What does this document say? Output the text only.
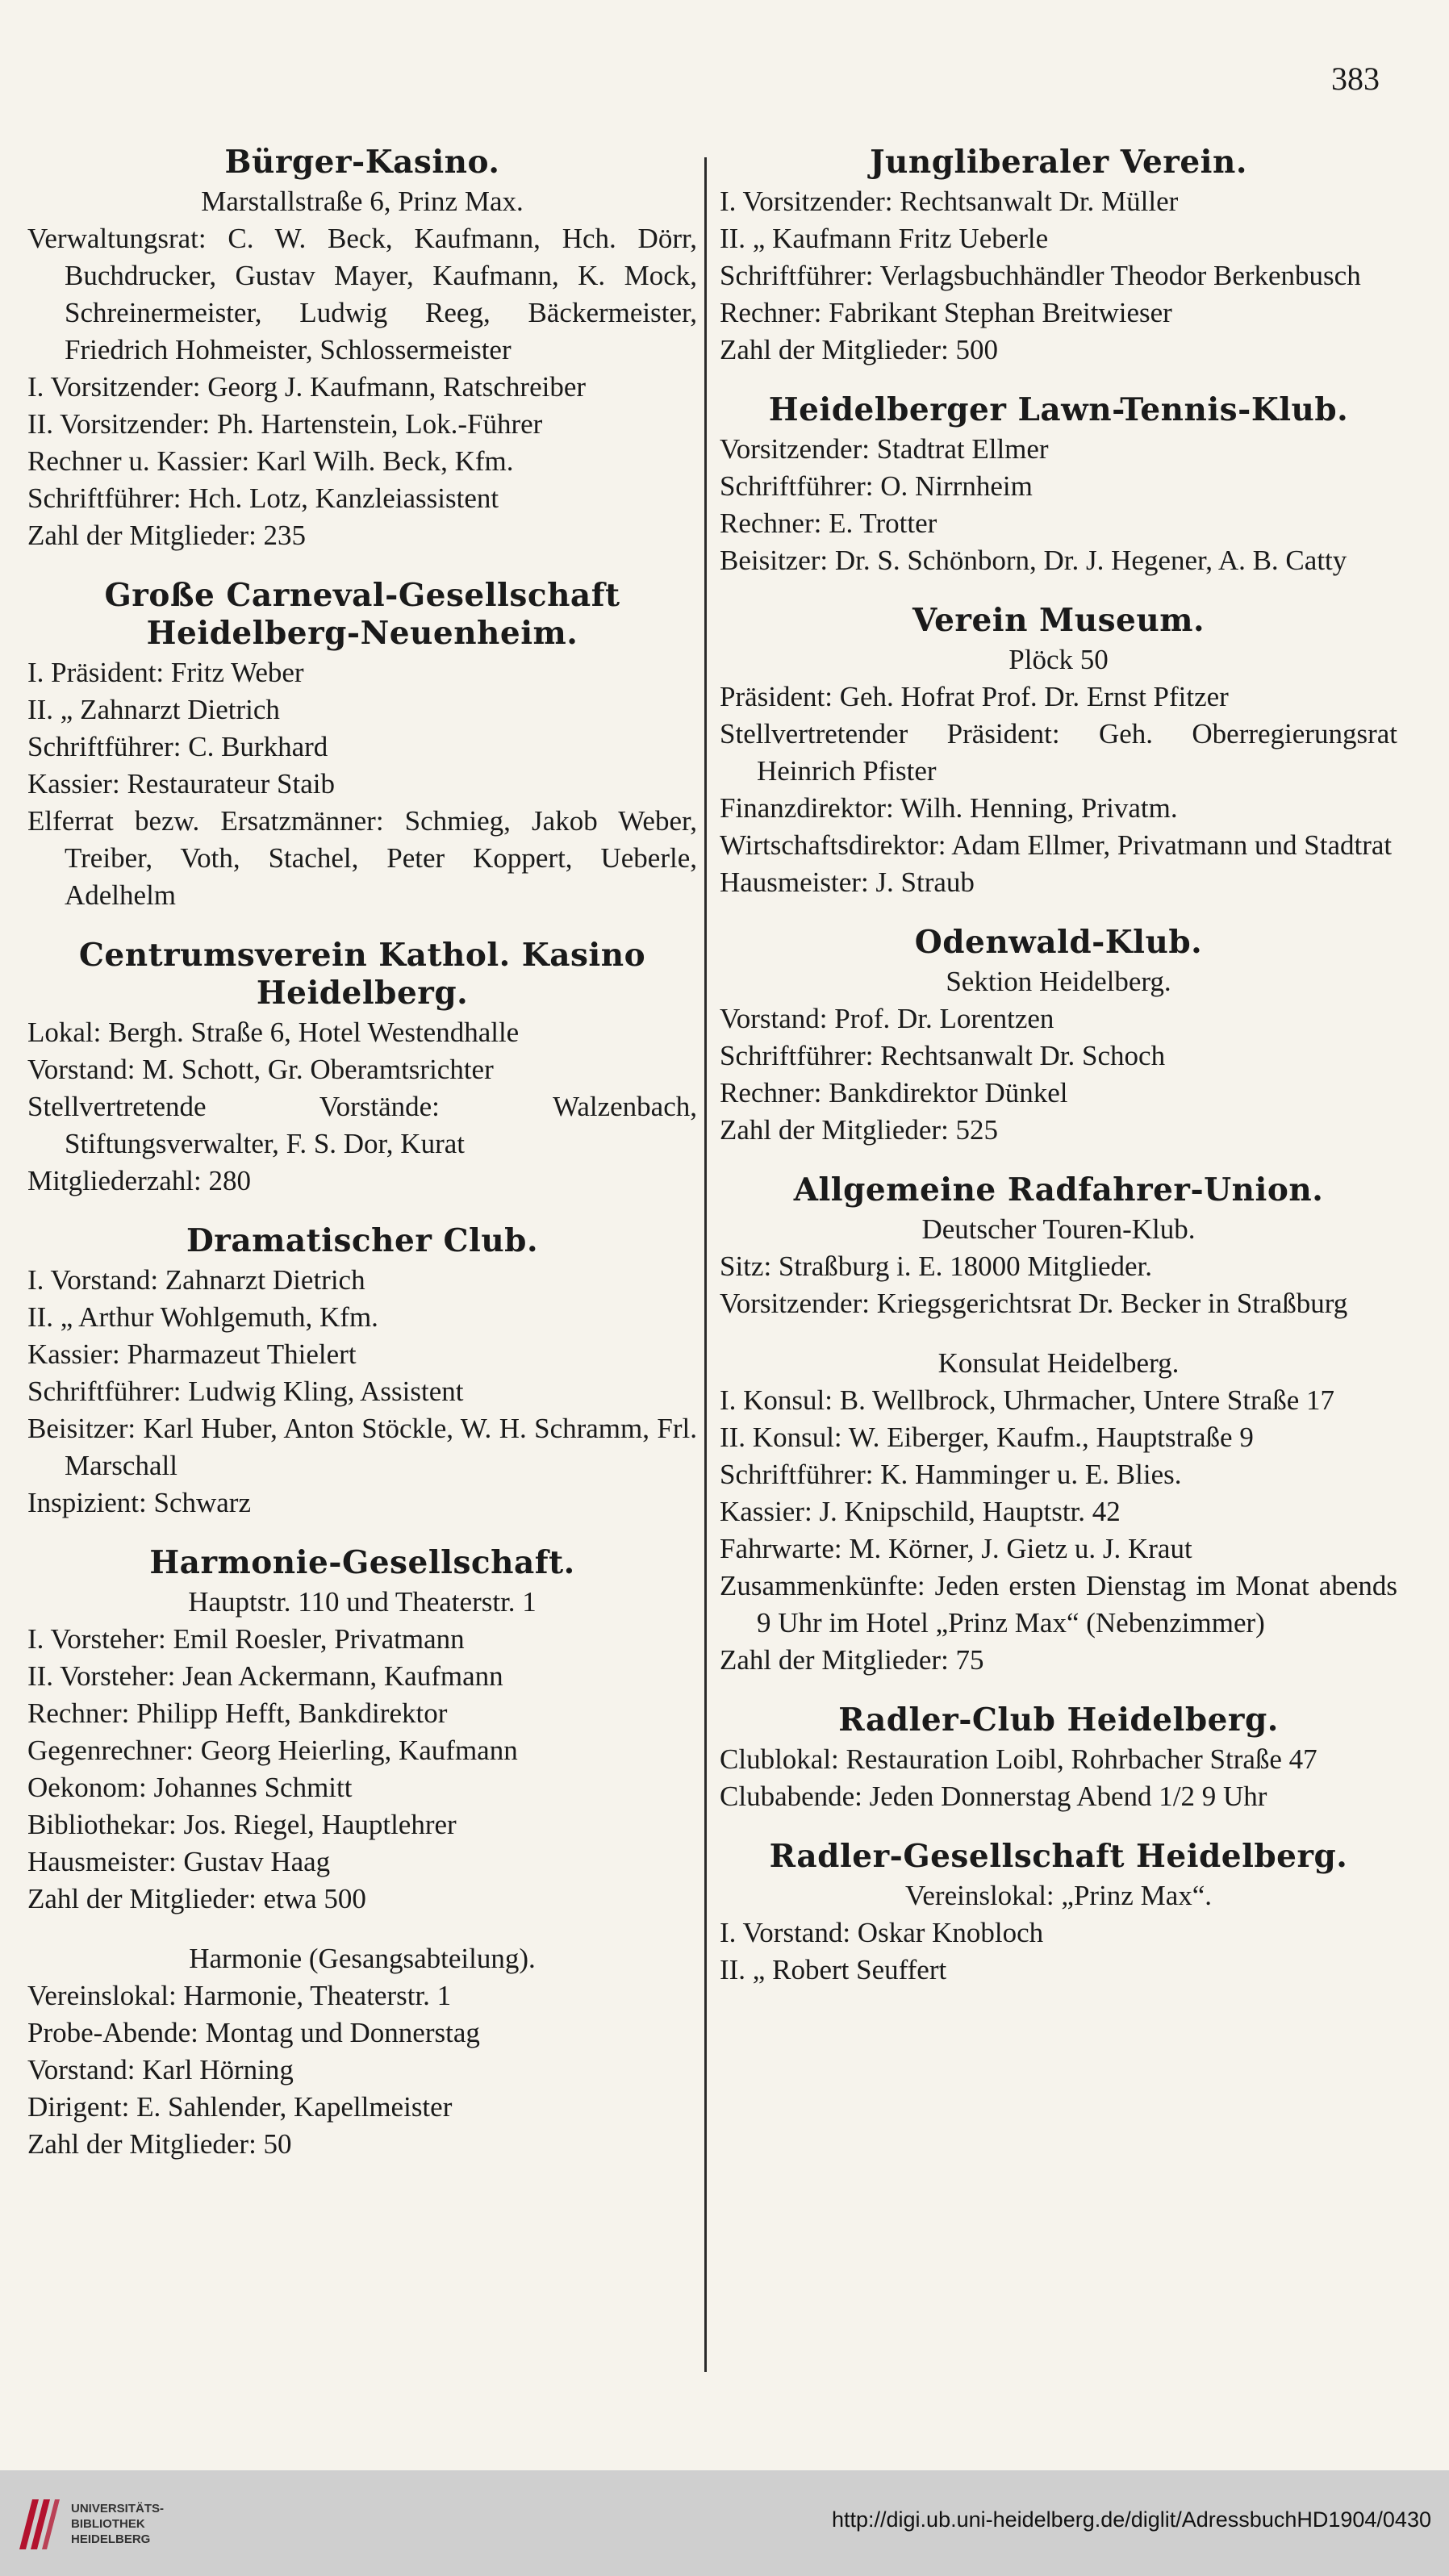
383
Bürger-Kasino.
Marstallstraße 6, Prinz Max.
Verwaltungsrat: C. W. Beck, Kaufmann, Hch. Dörr, Buchdrucker, Gustav Mayer, Kaufmann, K. Mock, Schreinermeister, Ludwig Reeg, Bäckermeister, Friedrich Hohmeister, Schlossermeister
I. Vorsitzender: Georg J. Kaufmann, Ratschreiber
II. Vorsitzender: Ph. Hartenstein, Lok.-Führer
Rechner u. Kassier: Karl Wilh. Beck, Kfm.
Schriftführer: Hch. Lotz, Kanzleiassistent
Zahl der Mitglieder: 235
Große Carneval-Gesellschaft Heidelberg-Neuenheim.
I. Präsident: Fritz Weber
II. „ Zahnarzt Dietrich
Schriftführer: C. Burkhard
Kassier: Restaurateur Staib
Elferrat bezw. Ersatzmänner: Schmieg, Jakob Weber, Treiber, Voth, Stachel, Peter Koppert, Ueberle, Adelhelm
Centrumsverein Kathol. Kasino Heidelberg.
Lokal: Bergh. Straße 6, Hotel Westendhalle
Vorstand: M. Schott, Gr. Oberamtsrichter
Stellvertretende Vorstände: Walzenbach, Stiftungsverwalter, F. S. Dor, Kurat
Mitgliederzahl: 280
Dramatischer Club.
I. Vorstand: Zahnarzt Dietrich
II. „ Arthur Wohlgemuth, Kfm.
Kassier: Pharmazeut Thielert
Schriftführer: Ludwig Kling, Assistent
Beisitzer: Karl Huber, Anton Stöckle, W. H. Schramm, Frl. Marschall
Inspizient: Schwarz
Harmonie-Gesellschaft.
Hauptstr. 110 und Theaterstr. 1
I. Vorsteher: Emil Roesler, Privatmann
II. Vorsteher: Jean Ackermann, Kaufmann
Rechner: Philipp Hefft, Bankdirektor
Gegenrechner: Georg Heierling, Kaufmann
Oekonom: Johannes Schmitt
Bibliothekar: Jos. Riegel, Hauptlehrer
Hausmeister: Gustav Haag
Zahl der Mitglieder: etwa 500
Harmonie (Gesangsabteilung).
Vereinslokal: Harmonie, Theaterstr. 1
Probe-Abende: Montag und Donnerstag
Vorstand: Karl Hörning
Dirigent: E. Sahlender, Kapellmeister
Zahl der Mitglieder: 50
Jungliberaler Verein.
I. Vorsitzender: Rechtsanwalt Dr. Müller
II. „ Kaufmann Fritz Ueberle
Schriftführer: Verlagsbuchhändler Theodor Berkenbusch
Rechner: Fabrikant Stephan Breitwieser
Zahl der Mitglieder: 500
Heidelberger Lawn-Tennis-Klub.
Vorsitzender: Stadtrat Ellmer
Schriftführer: O. Nirrnheim
Rechner: E. Trotter
Beisitzer: Dr. S. Schönborn, Dr. J. Hegener, A. B. Catty
Verein Museum.
Plöck 50
Präsident: Geh. Hofrat Prof. Dr. Ernst Pfitzer
Stellvertretender Präsident: Geh. Oberregierungsrat Heinrich Pfister
Finanzdirektor: Wilh. Henning, Privatm.
Wirtschaftsdirektor: Adam Ellmer, Privatmann und Stadtrat
Hausmeister: J. Straub
Odenwald-Klub.
Sektion Heidelberg.
Vorstand: Prof. Dr. Lorentzen
Schriftführer: Rechtsanwalt Dr. Schoch
Rechner: Bankdirektor Dünkel
Zahl der Mitglieder: 525
Allgemeine Radfahrer-Union.
Deutscher Touren-Klub.
Sitz: Straßburg i. E. 18000 Mitglieder.
Vorsitzender: Kriegsgerichtsrat Dr. Becker in Straßburg
Konsulat Heidelberg.
I. Konsul: B. Wellbrock, Uhrmacher, Untere Straße 17
II. Konsul: W. Eiberger, Kaufm., Hauptstraße 9
Schriftführer: K. Hamminger u. E. Blies.
Kassier: J. Knipschild, Hauptstr. 42
Fahrwarte: M. Körner, J. Gietz u. J. Kraut
Zusammenkünfte: Jeden ersten Dienstag im Monat abends 9 Uhr im Hotel „Prinz Max“ (Nebenzimmer)
Zahl der Mitglieder: 75
Radler-Club Heidelberg.
Clublokal: Restauration Loibl, Rohrbacher Straße 47
Clubabende: Jeden Donnerstag Abend 1/2 9 Uhr
Radler-Gesellschaft Heidelberg.
Vereinslokal: „Prinz Max“.
I. Vorstand: Oskar Knobloch
II. „ Robert Seuffert
UNIVERSITÄTS-
BIBLIOTHEK
HEIDELBERG
http://digi.ub.uni-heidelberg.de/diglit/AdressbuchHD1904/0430
